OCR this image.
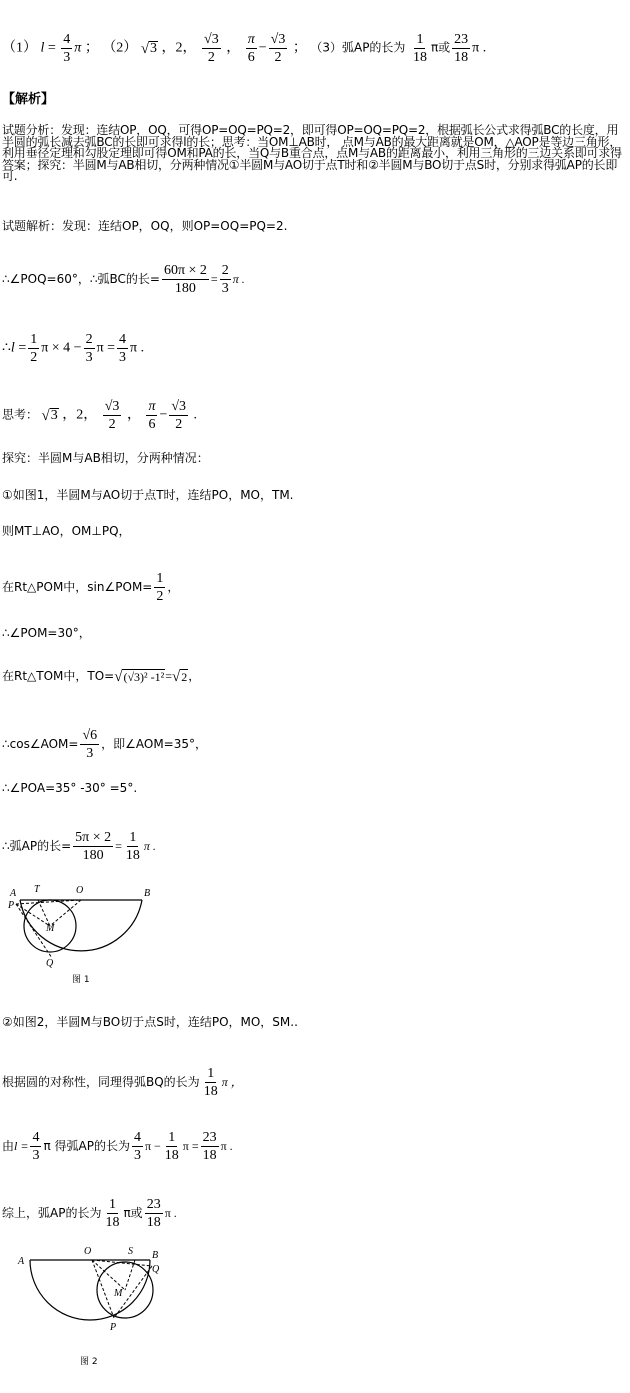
（1） $l = \frac{4}{3}$ π ； （2） √ 3 ，2， $\frac{√3}{2}$ ， $\frac{\pi}{6} - \frac{√3}{2}$ ； （3）弧AP的长为 $\frac{1}{18}$ π或 $\frac{23}{18}$ π .
【解析】
试题分析：发现：连结OP，OQ，可得OP=OQ=PQ=2，即可得OP=OQ=PQ=2，根据弧长公式求得弧BC的长度，用半圆的弧长减去弧BC的长即可求得l的长；思考：当OM⊥AB时， 点M与AB的最大距离就是OM，△AOP是等边三角形，利用垂径定理和勾股定理即可得OM和PA的长，当Q与B重合点，点M与AB的距离最小，利用三角形的三边关系即可求得答案；探究：半圆M与AB相切，分两种情况①半圆M与AO切于点T时和②半圆M与BO切于点S时，分别求得弧AP的长即可.
试题解析：发现：连结OP，OQ，则OP=OQ=PQ=2.
∴∠POQ=60°，∴弧BC的长= $\frac{60\pi \times 2}{180} = \frac{2}{3}$ π .
∴l = $\frac{1}{2}$ $\pi \times 4 - \frac{2}{3}$ $\pi = \frac{4}{3}$ π .
思考： √ 3 ，2， $\frac{√3}{2}$ ， $\frac{\pi}{6} - \frac{√3}{2}$ .
探究：半圆M与AB相切，分两种情况：
①如图1，半圆M与AO切于点T时，连结PO，MO，TM.
则MT⊥AO，OM⊥PQ，
在Rt△POM中，sin∠POM= $\frac{1}{2}$ ，
∴∠POM=30°，
在Rt△TOM中，TO= √ (√3)² -1² = √ 2 ，
∴cos∠AOM= $\frac{√6}{3}$ ，即∠AOM=35°，
∴∠POA=35° -30° =5°.
∴弧AP的长= $\frac{5\pi \times 2}{180} = \frac{1}{18}$ π .
A T	O	B
P
M
Q
图 1
②如图2，半圆M与BO切于点S时，连结PO，MO，SM..
根据圆的对称性，同理得弧BQ的长为 $\frac{1}{18}$ π ，
由$l = \frac{4}{3}$ π 得弧AP的长为 $\frac{4}{3}$ $\pi - \frac{1}{18}$ $\pi = \frac{23}{18}$ π .
综上，弧AP的长为 $\frac{1}{18}$ π或 $\frac{23}{18}$ π .
A
O	S B
Q
M
P
图 2
